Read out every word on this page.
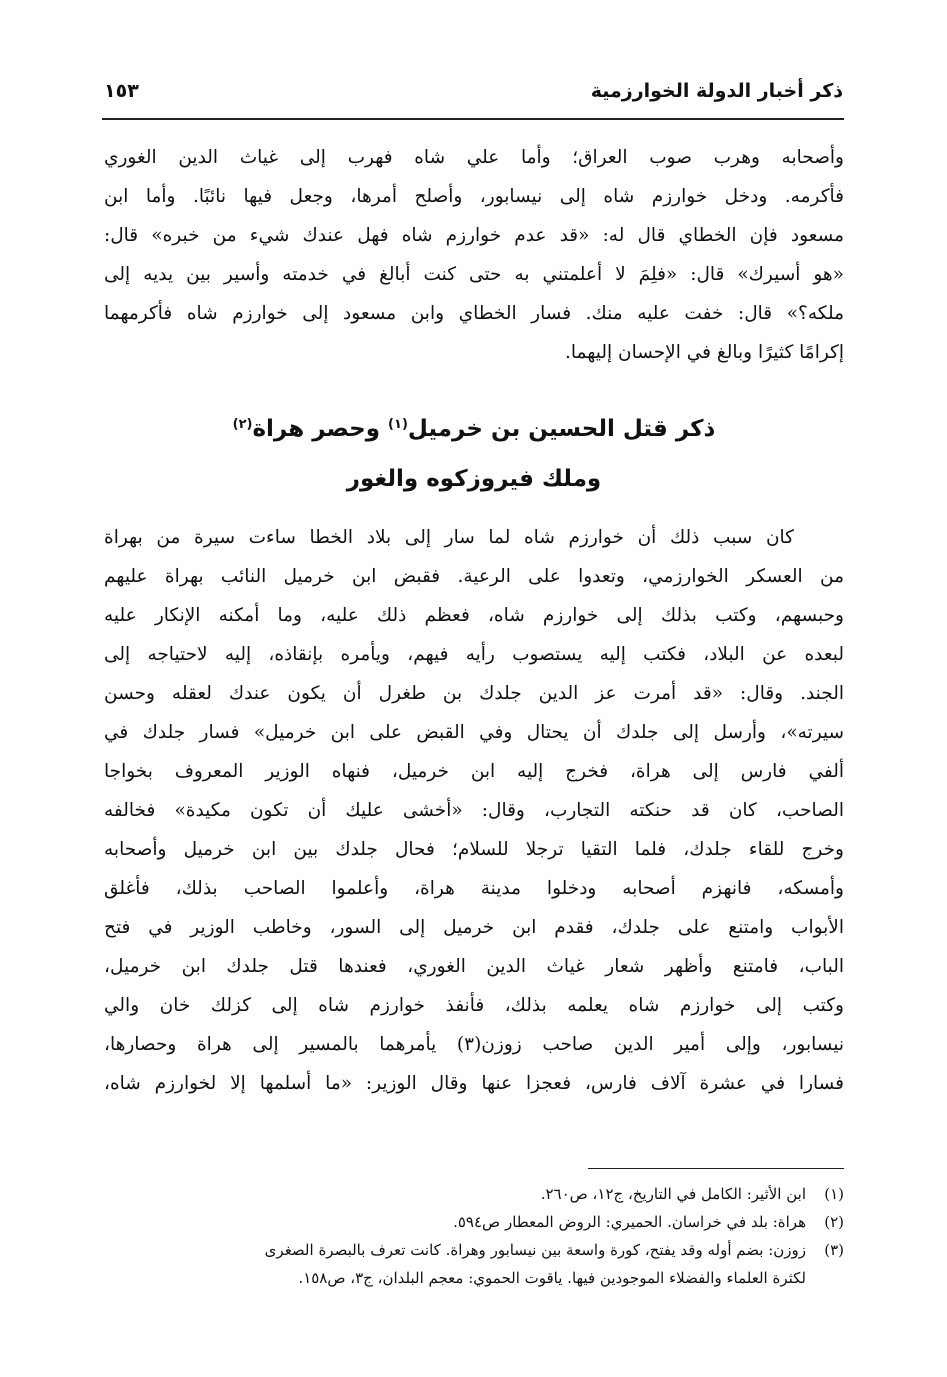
ذكر أخبار الدولة الخوارزمية
١٥٣
وأصحابه وهرب صوب العراق؛ وأما علي شاه فهرب إلى غياث الدين الغوري
فأكرمه. ودخل خوارزم شاه إلى نيسابور، وأصلح أمرها، وجعل فيها نائبًا. وأما ابن
مسعود فإن الخطاي قال له: «قد عدم خوارزم شاه فهل عندك شيء من خبره» قال:
«هو أسيرك» قال: «فلِمَ لا أعلمتني به حتى كنت أبالغ في خدمته وأسير بين يديه إلى
ملكه؟» قال: خفت عليه منك. فسار الخطاي وابن مسعود إلى خوارزم شاه فأكرمهما
إكرامًا كثيرًا وبالغ في الإحسان إليهما.
ذكر قتل الحسين بن خرميل$^{(١)}$ وحصر هراة$^{(٢)}$
وملك فيروزكوه والغور
كان سبب ذلك أن خوارزم شاه لما سار إلى بلاد الخطا ساءت سيرة من بهراة
من العسكر الخوارزمي، وتعدوا على الرعية. فقبض ابن خرميل النائب بهراة عليهم
وحبسهم، وكتب بذلك إلى خوارزم شاه، فعظم ذلك عليه، وما أمكنه الإنكار عليه
لبعده عن البلاد، فكتب إليه يستصوب رأيه فيهم، ويأمره بإنقاذه، إليه لاحتياجه إلى
الجند. وقال: «قد أمرت عز الدين جلدك بن طغرل أن يكون عندك لعقله وحسن
سيرته»، وأرسل إلى جلدك أن يحتال وفي القبض على ابن خرميل» فسار جلدك في
ألفي فارس إلى هراة، فخرج إليه ابن خرميل، فنهاه الوزير المعروف بخواجا
الصاحب، كان قد حنكته التجارب، وقال: «أخشى عليك أن تكون مكيدة» فخالفه
وخرج للقاء جلدك، فلما التقيا ترجلا للسلام؛ فحال جلدك بين ابن خرميل وأصحابه
وأمسكه، فانهزم أصحابه ودخلوا مدينة هراة، وأعلموا الصاحب بذلك، فأغلق
الأبواب وامتنع على جلدك، فقدم ابن خرميل إلى السور، وخاطب الوزير في فتح
الباب، فامتنع وأظهر شعار غياث الدين الغوري، فعندها قتل جلدك ابن خرميل،
وكتب إلى خوارزم شاه يعلمه بذلك، فأنفذ خوارزم شاه إلى كزلك خان والي
نيسابور، وإلى أمير الدين صاحب زوزن(٣) يأمرهما بالمسير إلى هراة وحصارها،
فسارا في عشرة آلاف فارس، فعجزا عنها وقال الوزير: «ما أسلمها إلا لخوارزم شاه،
(١)
ابن الأثير: الكامل في التاريخ، ج١٢، ص٢٦٠.
(٢)
هراة: بلد في خراسان. الحميري: الروض المعطار ص٥٩٤.
(٣)
زوزن: بضم أوله وقد يفتح، كورة واسعة بين نيسابور وهراة. كانت تعرف بالبصرة الصغرى
لكثرة العلماء والفضلاء الموجودين فيها. ياقوت الحموي: معجم البلدان، ج٣، ص١٥٨.
